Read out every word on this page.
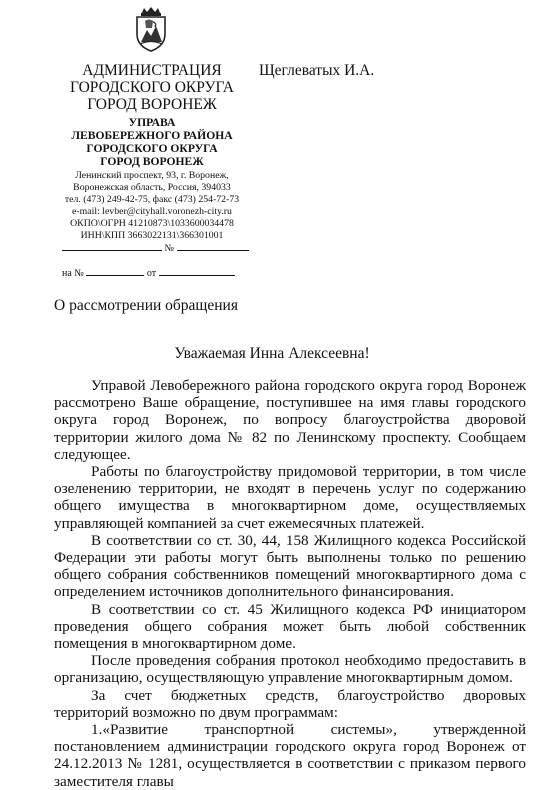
АДМИНИСТРАЦИЯ
ГОРОДСКОГО ОКРУГА
ГОРОД ВОРОНЕЖ
Щеглеватых И.А.
УПРАВА
ЛЕВОБЕРЕЖНОГО РАЙОНА
ГОРОДСКОГО ОКРУГА
ГОРОД ВОРОНЕЖ
Ленинский проспект, 93, г. Воронеж,
Воронежская область, Россия, 394033
тел. (473) 249-42-75, факс (473) 254-72-73
e-mail: levber@cityhall.voronezh-city.ru
ОКПО\ОГРН 41210873\1033600034478
ИНН\КПП 3663022131\366301001
№
на №	от
О рассмотрении обращения
Уважаемая Инна Алексеевна!

Управой Левобережного района городского округа город Воронеж рассмотрено Ваше обращение, поступившее на имя главы городского округа город Воронеж, по вопросу благоустройства дворовой территории жилого дома № 82 по Ленинскому проспекту. Сообщаем следующее.

Работы по благоустройству придомовой территории, в том числе озеленению территории, не входят в перечень услуг по содержанию общего имущества в многоквартирном доме, осуществляемых управляющей компанией за счет ежемесячных платежей.

В соответствии со ст. 30, 44, 158 Жилищного кодекса Российской Федерации эти работы могут быть выполнены только по решению общего собрания собственников помещений многоквартирного дома с определением источников дополнительного финансирования.

В соответствии со ст. 45 Жилищного кодекса РФ инициатором проведения общего собрания может быть любой собственник помещения в многоквартирном доме.

После проведения собрания протокол необходимо предоставить в организацию, осуществляющую управление многоквартирным домом.

За счет бюджетных средств, благоустройство дворовых территорий возможно по двум программам:

1.«Развитие транспортной системы», утвержденной постановлением администрации городского округа город Воронеж от 24.12.2013 № 1281, осуществляется в соответствии с приказом первого заместителя главы
